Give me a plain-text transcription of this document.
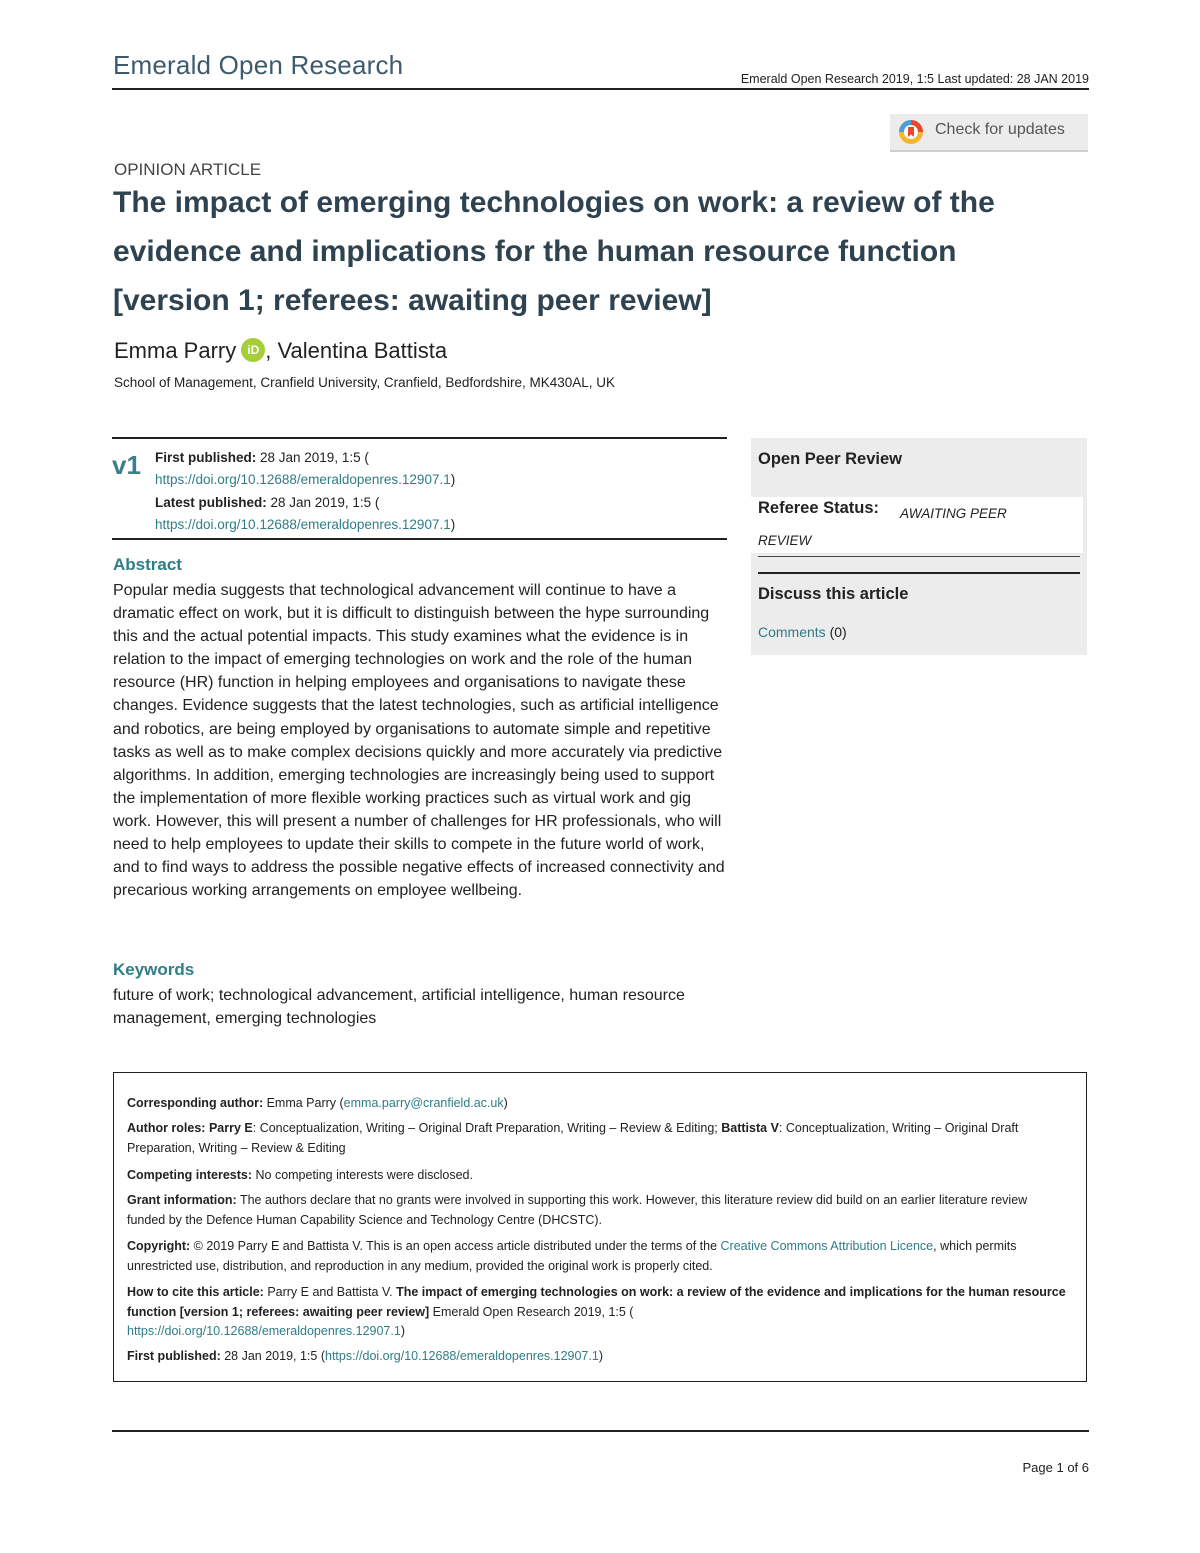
Emerald Open Research	Emerald Open Research 2019, 1:5 Last updated: 28 JAN 2019
Check for updates
OPINION ARTICLE
The impact of emerging technologies on work: a review of the evidence and implications for the human resource function [version 1; referees: awaiting peer review]
Emma Parry iD , Valentina Battista
School of Management, Cranfield University, Cranfield, Bedfordshire, MK430AL, UK
v1 First published: 28 Jan 2019, 1:5 (
https://doi.org/10.12688/emeraldopenres.12907.1)
Latest published: 28 Jan 2019, 1:5 (
https://doi.org/10.12688/emeraldopenres.12907.1)
Abstract

Popular media suggests that technological advancement will continue to have a dramatic effect on work, but it is difficult to distinguish between the hype surrounding this and the actual potential impacts. This study examines what the evidence is in relation to the impact of emerging technologies on work and the role of the human resource (HR) function in helping employees and organisations to navigate these changes. Evidence suggests that the latest technologies, such as artificial intelligence and robotics, are being employed by organisations to automate simple and repetitive tasks as well as to make complex decisions quickly and more accurately via predictive algorithms. In addition, emerging technologies are increasingly being used to support the implementation of more flexible working practices such as virtual work and gig work. However, this will present a number of challenges for HR professionals, who will need to help employees to update their skills to compete in the future world of work, and to find ways to address the possible negative effects of increased connectivity and precarious working arrangements on employee wellbeing.

Keywords

future of work; technological advancement, artificial intelligence, human resource management, emerging technologies

Open Peer Review
Referee Status: AWAITING PEER
REVIEW
Discuss this article
Comments (0)

Corresponding author: Emma Parry (emma.parry@cranfield.ac.uk)

Author roles: Parry E: Conceptualization, Writing – Original Draft Preparation, Writing – Review & Editing; Battista V: Conceptualization, Writing – Original Draft Preparation, Writing – Review & Editing

Competing interests: No competing interests were disclosed.

Grant information: The authors declare that no grants were involved in supporting this work. However, this literature review did build on an earlier literature review funded by the Defence Human Capability Science and Technology Centre (DHCSTC).

Copyright: © 2019 Parry E and Battista V. This is an open access article distributed under the terms of the Creative Commons Attribution Licence, which permits unrestricted use, distribution, and reproduction in any medium, provided the original work is properly cited.

How to cite this article: Parry E and Battista V. The impact of emerging technologies on work: a review of the evidence and implications for the human resource function [version 1; referees: awaiting peer review] Emerald Open Research 2019, 1:5 (
https://doi.org/10.12688/emeraldopenres.12907.1)

First published: 28 Jan 2019, 1:5 (https://doi.org/10.12688/emeraldopenres.12907.1)

Page 1 of 6
